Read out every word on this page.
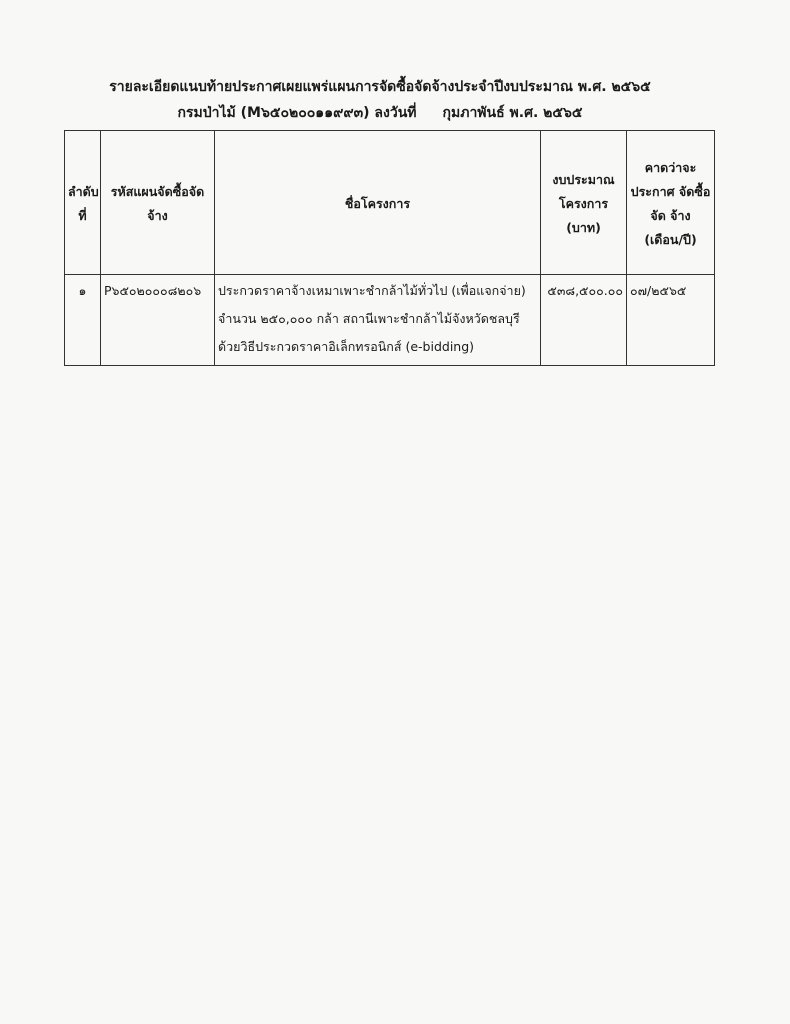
รายละเอียดแนบท้ายประกาศเผยแพร่แผนการจัดซื้อจัดจ้างประจำปีงบประมาณ พ.ศ. ๒๕๖๕
กรมป่าไม้ (M๖๕๐๒๐๐๑๑๙๙๓) ลงวันที่ กุมภาพันธ์ พ.ศ. ๒๕๖๕
ลำดับ ที่	รหัสแผนจัดซื้อจัด จ้าง	ชื่อโครงการ	งบประมาณ โครงการ (บาท)	คาดว่าจะ ประกาศ จัดซื้อจัด จ้าง (เดือน/ปี)
๑	P๖๕๐๒๐๐๐๘๒๐๖	ประกวดราคาจ้างเหมาเพาะชำกล้าไม้ทั่วไป (เพื่อแจกจ่าย)
จำนวน ๒๕๐,๐๐๐ กล้า สถานีเพาะชำกล้าไม้จังหวัดชลบุรี
ด้วยวิธีประกวดราคาอิเล็กทรอนิกส์ (e-bidding)	๕๓๘,๕๐๐.๐๐	๐๗/๒๕๖๕
